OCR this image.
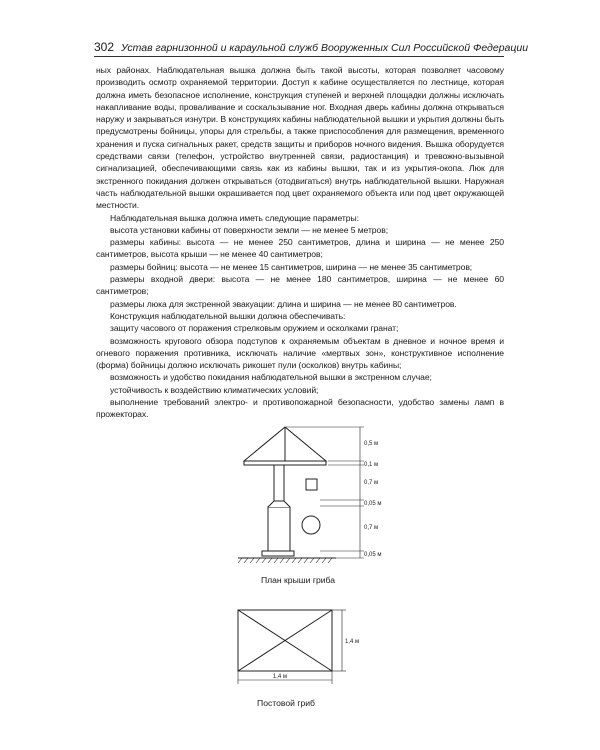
302 Устав гарнизонной и караульной служб Вооруженных Сил Российской Федерации

ных районах. Наблюдательная вышка должна быть такой высоты, которая позволяет часовому производить осмотр охраняемой территории. Доступ к кабине осуществляется по лестнице, которая должна иметь безопасное исполнение, конструкция ступеней и верхней площадки должны исключать накапливание воды, проваливание и соскальзывание ног. Входная дверь кабины должна открываться наружу и закрываться изнутри. В конструкциях кабины наблюдательной вышки и укрытия должны быть предусмотрены бойницы, упоры для стрельбы, а также приспособления для размещения, временного хранения и пуска сигнальных ракет, средств защиты и приборов ночного видения. Вышка оборудуется средствами связи (телефон, устройство внутренней связи, радиостанция) и тревожно-вызывной сигнализацией, обеспечивающими связь как из кабины вышки, так и из укрытия-окопа. Люк для экстренного покидания должен открываться (отодвигаться) внутрь наблюдательной вышки. Наружная часть наблюдательной вышки окрашивается под цвет охраняемого объекта или под цвет окружающей местности.

Наблюдательная вышка должна иметь следующие параметры:

высота установки кабины от поверхности земли — не менее 5 метров;

размеры кабины: высота — не менее 250 сантиметров, длина и ширина — не менее 250 сантиметров, высота крыши — не менее 40 сантиметров;

размеры бойниц: высота — не менее 15 сантиметров, ширина — не менее 35 сантиметров;

размеры входной двери: высота — не менее 180 сантиметров, ширина — не менее 60 сантиметров;

размеры люка для экстренной эвакуации: длина и ширина — не менее 80 сантиметров.

Конструкция наблюдательной вышки должна обеспечивать:

защиту часового от поражения стрелковым оружием и осколками гранат;

возможность кругового обзора подступов к охраняемым объектам в дневное и ночное время и огневого поражения противника, исключать наличие «мертвых зон», конструктивное исполнение (форма) бойницы должно исключать рикошет пули (осколков) внутрь кабины;

возможность и удобство покидания наблюдательной вышки в экстренном случае;

устойчивость к воздействию климатических условий;

выполнение требований электро- и противопожарной безопасности, удобство замены ламп в прожекторах.

0,5 м
0,1 м
0,7 м
0,05 м
0,7 м
0,05 м
1,4 м
1,4 м
План крыши гриба
Постовой гриб
